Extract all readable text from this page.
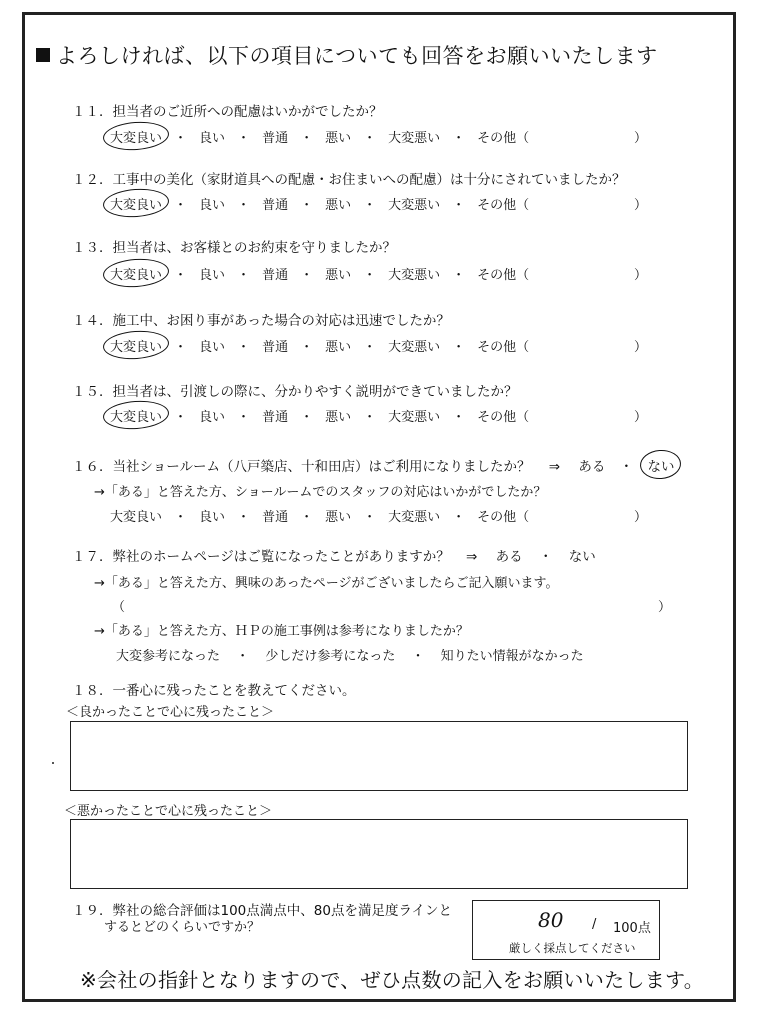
よろしければ、以下の項目についても回答をお願いいたします
１１．担当者のご近所への配慮はいかがでしたか？
大変良い ・ 良い ・ 普通 ・ 悪い ・ 大変悪い ・ その他（	）
１２．工事中の美化（家財道具への配慮・お住まいへの配慮）は十分にされていましたか？
大変良い ・ 良い ・ 普通 ・ 悪い ・ 大変悪い ・ その他（	）
１３．担当者は、お客様とのお約束を守りましたか？
大変良い ・ 良い ・ 普通 ・ 悪い ・ 大変悪い ・ その他（	）
１４．施工中、お困り事があった場合の対応は迅速でしたか？
大変良い ・ 良い ・ 普通 ・ 悪い ・ 大変悪い ・ その他（	）
１５．担当者は、引渡しの際に、分かりやすく説明ができていましたか？
大変良い ・ 良い ・ 普通 ・ 悪い ・ 大変悪い ・ その他（	）
１６．当社ショールーム（八戸築店、十和田店）はご利用になりましたか？ ⇒ ある ・ ない
→「ある」と答えた方、ショールームでのスタッフの対応はいかがでしたか？
大変良い ・ 良い ・ 普通 ・ 悪い ・ 大変悪い ・ その他（	）
１７．弊社のホームページはご覧になったことがありますか？ ⇒ ある ・ ない
→「ある」と答えた方、興味のあったページがございましたらご記入願います。
（	）
→「ある」と答えた方、ＨＰの施工事例は参考になりましたか？
大変参考になった ・ 少しだけ参考になった ・ 知りたい情報がなかった
１８．一番心に残ったことを教えてください。
＜良かったことで心に残ったこと＞
＜悪かったことで心に残ったこと＞
１９．弊社の総合評価は100点満点中、80点を満足度ラインと
するとどのくらいですか？	80 / 100点
厳しく採点してください
※会社の指針となりますので、ぜひ点数の記入をお願いいたします。
